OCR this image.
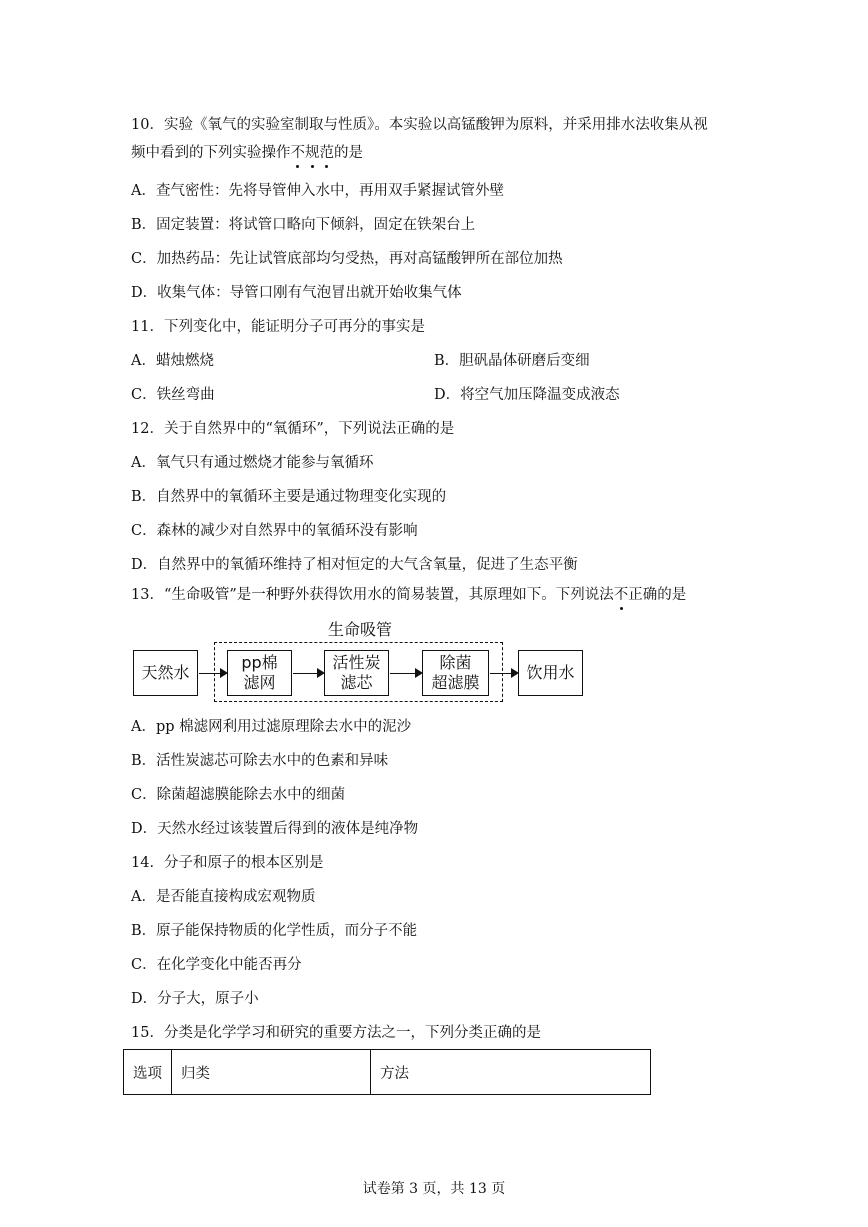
10．实验《氧气的实验室制取与性质》。本实验以高锰酸钾为原料，并采用排水法收集从视
频中看到的下列实验操作不规范的是
A．查气密性：先将导管伸入水中，再用双手紧握试管外壁
B．固定装置：将试管口略向下倾斜，固定在铁架台上
C．加热药品：先让试管底部均匀受热，再对高锰酸钾所在部位加热
D．收集气体：导管口刚有气泡冒出就开始收集气体
11．下列变化中，能证明分子可再分的事实是
A．蜡烛燃烧	B．胆矾晶体研磨后变细
C．铁丝弯曲	D．将空气加压降温变成液态
12．关于自然界中的“氧循环”，下列说法正确的是
A．氧气只有通过燃烧才能参与氧循环
B．自然界中的氧循环主要是通过物理变化实现的
C．森林的减少对自然界中的氧循环没有影响
D．自然界中的氧循环维持了相对恒定的大气含氧量，促进了生态平衡
13．“生命吸管”是一种野外获得饮用水的简易装置，其原理如下。下列说法不正确的是
生命吸管
天然水
pp棉
滤网
活性炭
滤芯
除菌
超滤膜
饮用水
A．pp 棉滤网利用过滤原理除去水中的泥沙
B．活性炭滤芯可除去水中的色素和异味
C．除菌超滤膜能除去水中的细菌
D．天然水经过该装置后得到的液体是纯净物
14．分子和原子的根本区别是
A．是否能直接构成宏观物质
B．原子能保持物质的化学性质，而分子不能
C．在化学变化中能否再分
D．分子大，原子小
15．分类是化学学习和研究的重要方法之一，下列分类正确的是
选项	归类	方法
试卷第 3 页，共 13 页
